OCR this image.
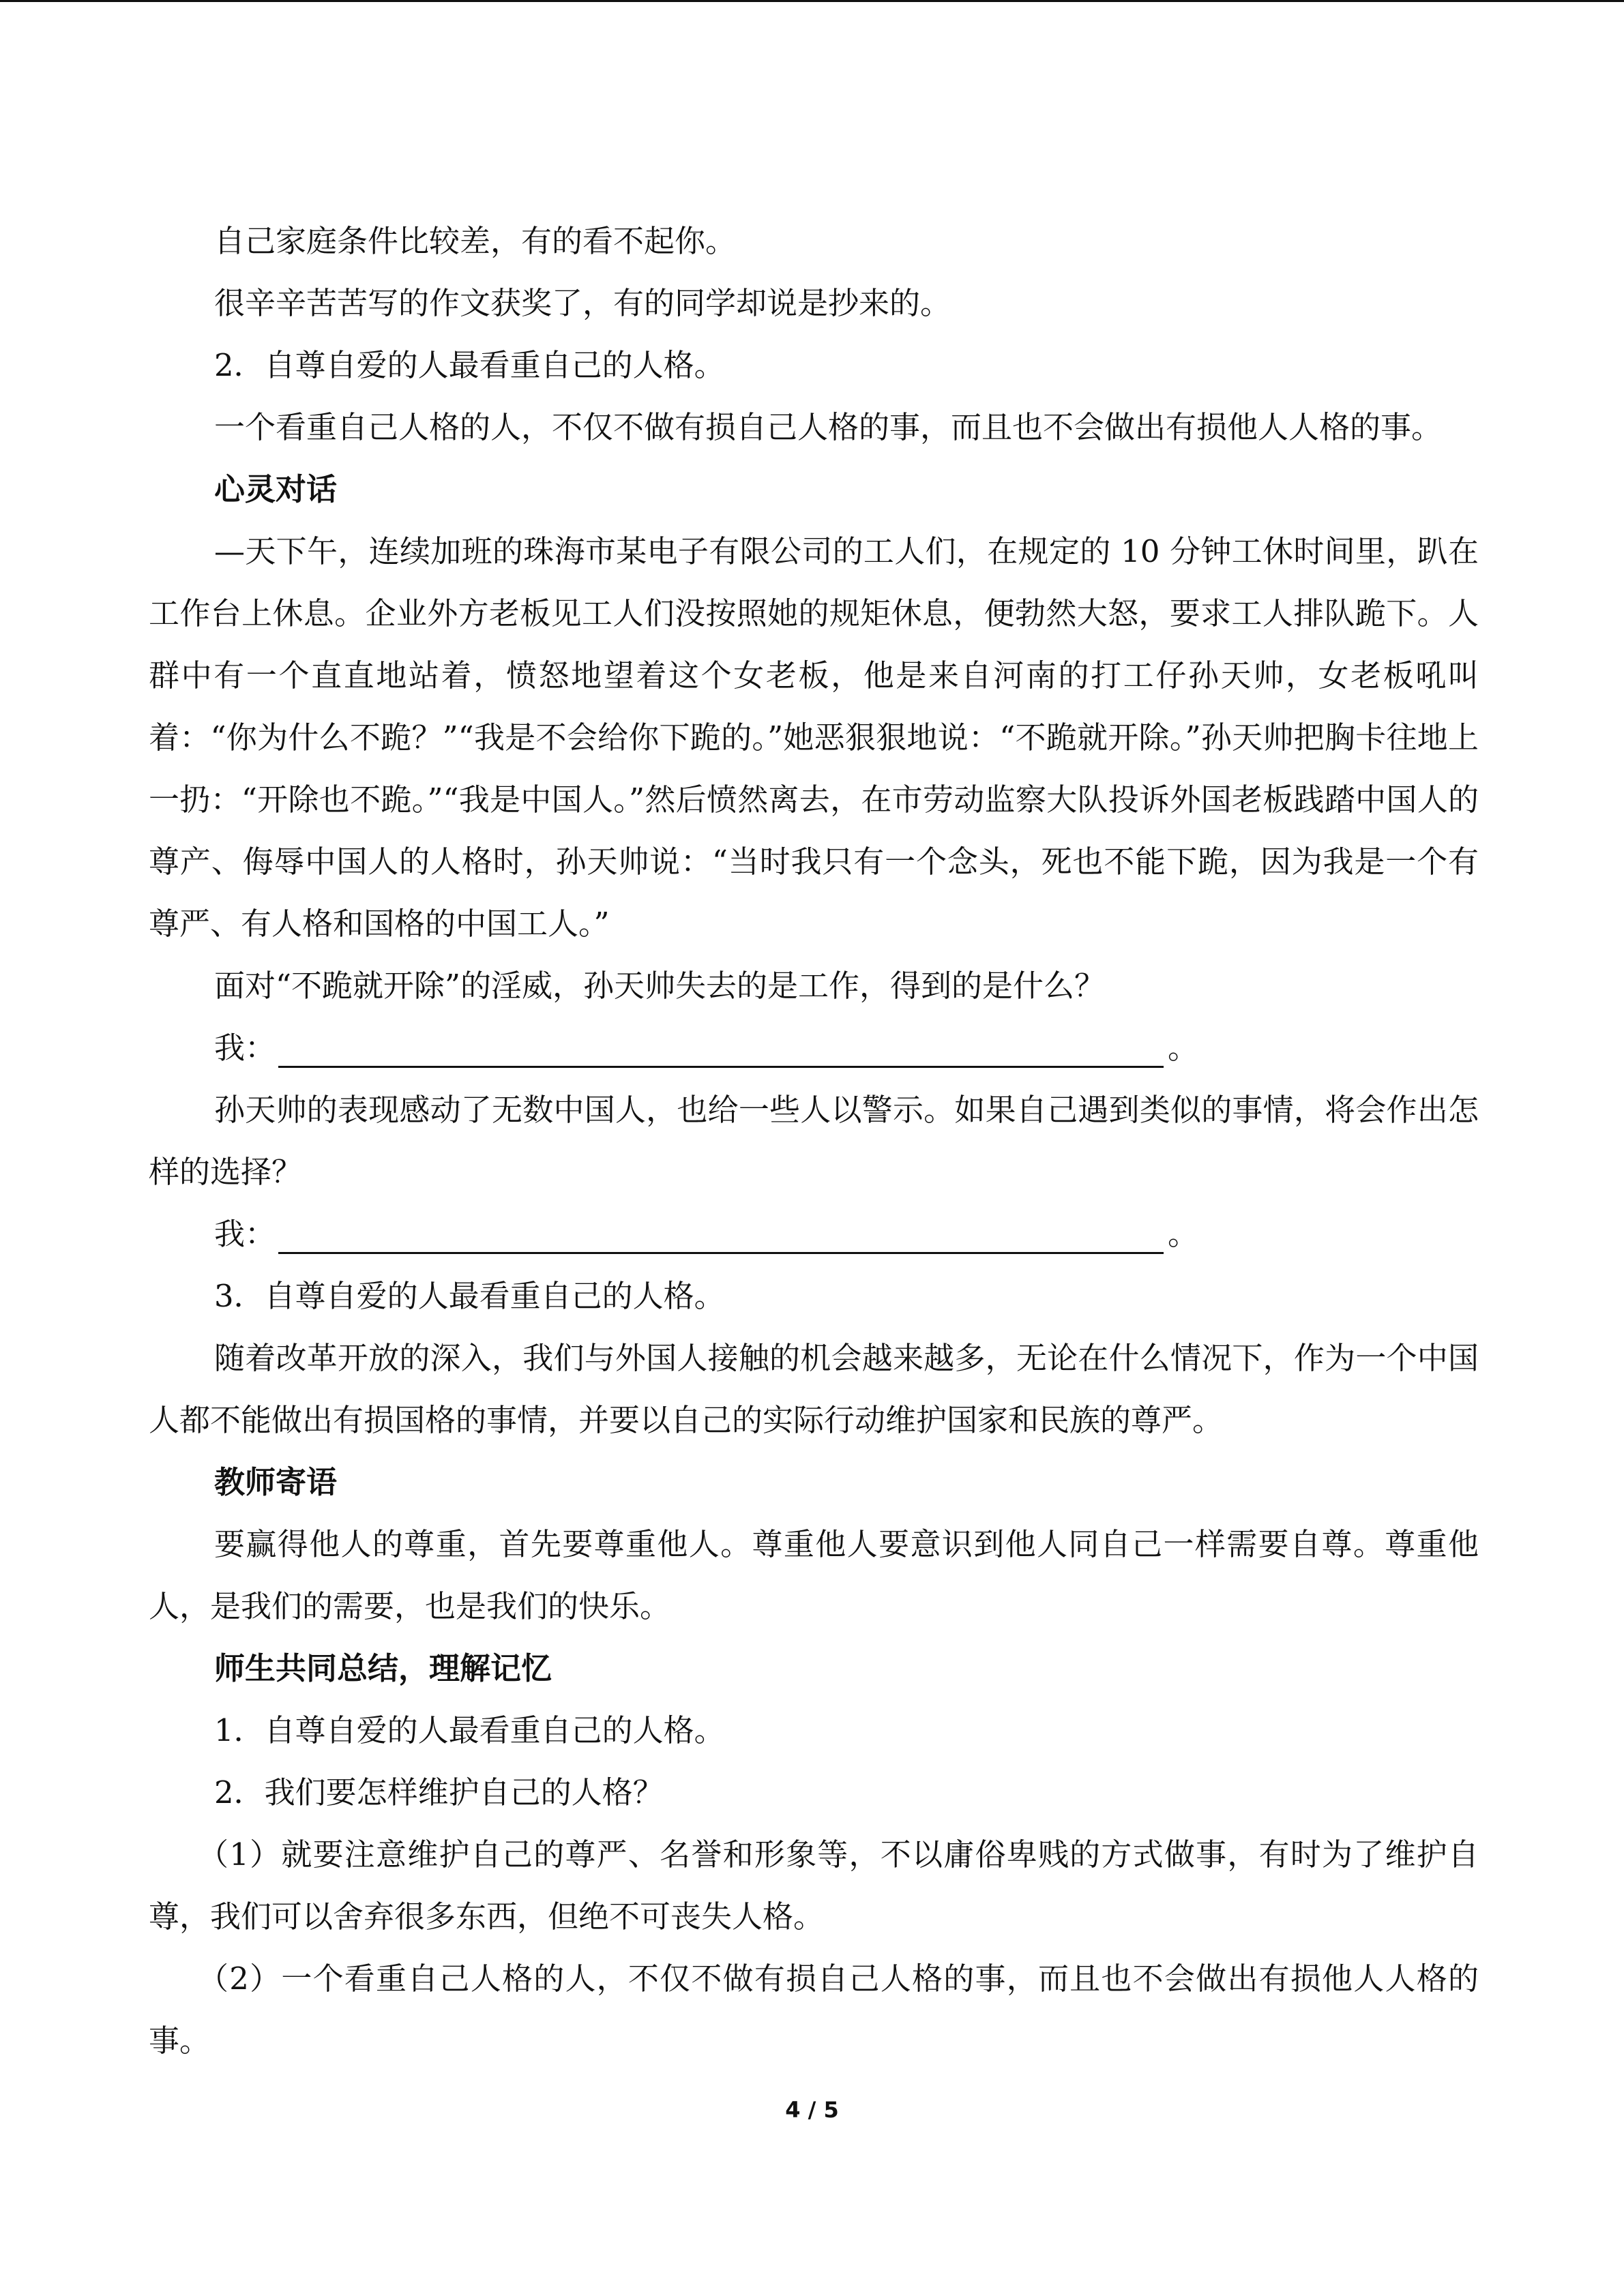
自己家庭条件比较差，有的看不起你。

很辛辛苦苦写的作文获奖了，有的同学却说是抄来的。

2．自尊自爱的人最看重自己的人格。

一个看重自己人格的人，不仅不做有损自己人格的事，而且也不会做出有损他人人格的事。

心灵对话

—天下午，连续加班的珠海市某电子有限公司的工人们，在规定的 10 分钟工休时间里，趴在工作台上休息。企业外方老板见工人们没按照她的规矩休息，便勃然大怒，要求工人排队跪下。人群中有一个直直地站着，愤怒地望着这个女老板，他是来自河南的打工仔孙天帅，女老板吼叫着：“你为什么不跪？”“我是不会给你下跪的。”她恶狠狠地说：“不跪就开除。”孙天帅把胸卡往地上一扔：“开除也不跪。”“我是中国人。”然后愤然离去，在市劳动监察大队投诉外国老板践踏中国人的尊产、侮辱中国人的人格时，孙天帅说：“当时我只有一个念头，死也不能下跪，因为我是一个有尊严、有人格和国格的中国工人。”

面对“不跪就开除”的淫威，孙天帅失去的是工作，得到的是什么？

我：	。

孙天帅的表现感动了无数中国人，也给一些人以警示。如果自己遇到类似的事情，将会作出怎样的选择？

我：	。

3．自尊自爱的人最看重自己的人格。

随着改革开放的深入，我们与外国人接触的机会越来越多，无论在什么情况下，作为一个中国人都不能做出有损国格的事情，并要以自己的实际行动维护国家和民族的尊严。

教师寄语

要赢得他人的尊重，首先要尊重他人。尊重他人要意识到他人同自己一样需要自尊。尊重他人，是我们的需要，也是我们的快乐。

师生共同总结，理解记忆

1．自尊自爱的人最看重自己的人格。

2．我们要怎样维护自己的人格？

（1）就要注意维护自己的尊严、名誉和形象等，不以庸俗卑贱的方式做事，有时为了维护自尊，我们可以舍弃很多东西，但绝不可丧失人格。

（2）一个看重自己人格的人，不仅不做有损自己人格的事，而且也不会做出有损他人人格的事。

4 / 5
